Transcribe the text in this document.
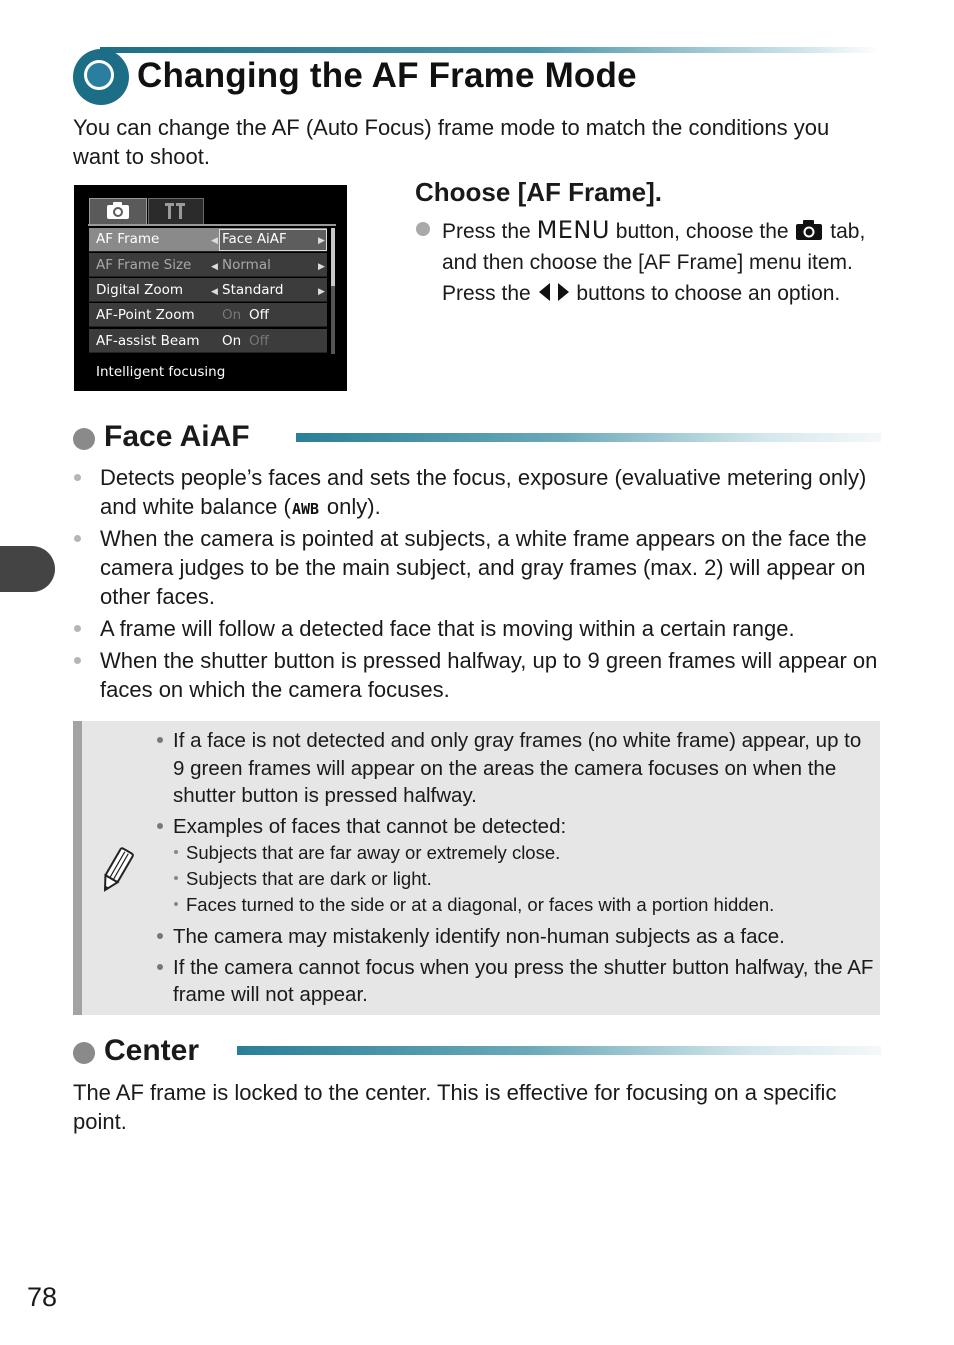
Changing the AF Frame Mode
You can change the AF (Auto Focus) frame mode to match the conditions you want to shoot.
AF Frame
AF Frame Size
Digital Zoom
AF-Point Zoom
AF-assist Beam
◀
◀
◀
▶
▶
▶
Face AiAF
Normal
Standard
On Off
On Off
Intelligent focusing
Choose [AF Frame].
Press the MENU button, choose the tab, and then choose the [AF Frame] menu item. Press the buttons to choose an option.
Face AiAF
Detects people’s faces and sets the focus, exposure (evaluative metering only) and white balance ( AWB only).
When the camera is pointed at subjects, a white frame appears on the face the camera judges to be the main subject, and gray frames (max. 2) will appear on other faces.
A frame will follow a detected face that is moving within a certain range.
When the shutter button is pressed halfway, up to 9 green frames will appear on faces on which the camera focuses.
If a face is not detected and only gray frames (no white frame) appear, up to 9 green frames will appear on the areas the camera focuses on when the shutter button is pressed halfway.
Examples of faces that cannot be detected:
Subjects that are far away or extremely close.
Subjects that are dark or light.
Faces turned to the side or at a diagonal, or faces with a portion hidden.
The camera may mistakenly identify non-human subjects as a face.
If the camera cannot focus when you press the shutter button halfway, the AF frame will not appear.
Center
The AF frame is locked to the center. This is effective for focusing on a specific point.
78
